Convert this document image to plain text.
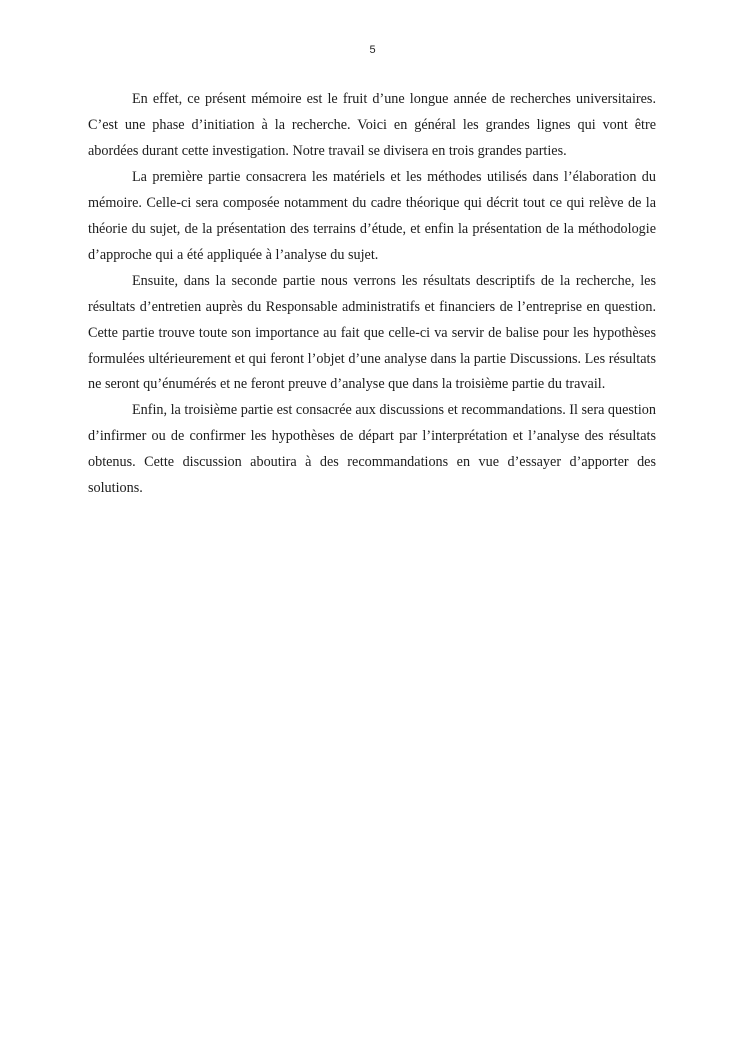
5

En effet, ce présent mémoire est le fruit d’une longue année de recherches universitaires. C’est une phase d’initiation à la recherche. Voici en général les grandes lignes qui vont être abordées durant cette investigation. Notre travail se divisera en trois grandes parties.

La première partie consacrera les matériels et les méthodes utilisés dans l’élaboration du mémoire. Celle-ci sera composée notamment du cadre théorique qui décrit tout ce qui relève de la théorie du sujet, de la présentation des terrains d’étude, et enfin la présentation de la méthodologie d’approche qui a été appliquée à l’analyse du sujet.

Ensuite, dans la seconde partie nous verrons les résultats descriptifs de la recherche, les résultats d’entretien auprès du Responsable administratifs et financiers de l’entreprise en question. Cette partie trouve toute son importance au fait que celle-ci va servir de balise pour les hypothèses formulées ultérieurement et qui feront l’objet d’une analyse dans la partie Discussions. Les résultats ne seront qu’énumérés et ne feront preuve d’analyse que dans la troisième partie du travail.

Enfin, la troisième partie est consacrée aux discussions et recommandations. Il sera question d’infirmer ou de confirmer les hypothèses de départ par l’interprétation et l’analyse des résultats obtenus. Cette discussion aboutira à des recommandations en vue d’essayer d’apporter des solutions.
